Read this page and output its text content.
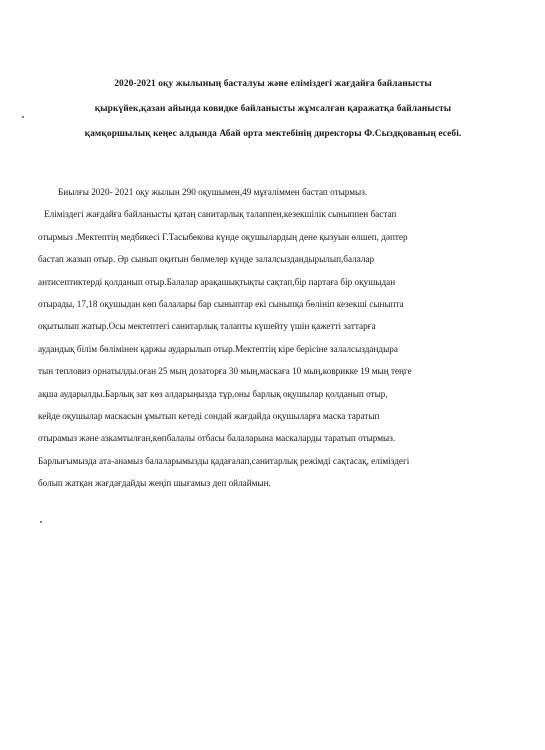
2020-2021 оқу жылының басталуы және еліміздегі жағдайға байланысты
қыркүйек,қазан айында ковидке байланысты жұмсалған қаражатқа байланысты
қамқоршылық кеңес алдында Абай орта мектебінің директоры Ф.Сыздқованың есебі.
Биылғы 2020- 2021 оқу жылын 290 оқушымен,49 мұғаліммен бастап отырмыз.
Еліміздегі жағдайға байланысты қатаң санитарлық талаппен,кезекшілік сыныппен бастап
отырмыз .Мектептің медбикесі Г.Тасыбекова күнде оқушылардың дене қызуын өлшеп, дәптер
бастап жазып отыр. Әр сынып оқитын бөлмелер күнде залалсыздандырылып,балалар
антисептиктерді қолданып отыр.Балалар арақашықтықты сақтап,бір партаға бір оқушыдан
отырады, 17,18 оқушыдан көп балалары бар сыныптар екі сыныпқа бөлініп кезекші сыныпта
оқытылып жатыр.Осы мектептегі санитарлық талапты күшейту үшін қажетті заттарға
аудандық білім бөлімінен қаржы аударылып отыр.Мектептің кіре берісіне залалсыздандыра
тын тепловиз орнатылды.оған 25 мың дозаторға 30 мың,маскаға 10 мың,коврикке 19 мың теңге
ақша аударылды.Барлық зат көз алдарыңызда тұр,оны барлық оқушылар қолданып отыр,
кейде оқушылар маскасын ұмытып кетеді сондай жағдайда оқушыларға маска таратып
отырамыз және азкамтылған,көпбалалы отбасы балаларына маскаларды таратып отырмыз.
Барлығымызда ата-анамыз балаларымызды қадағалап,санитарлық режімді сақтасақ, еліміздегі
болып жатқан жағдағдайды жеңіп шығамыз деп ойлаймын.
